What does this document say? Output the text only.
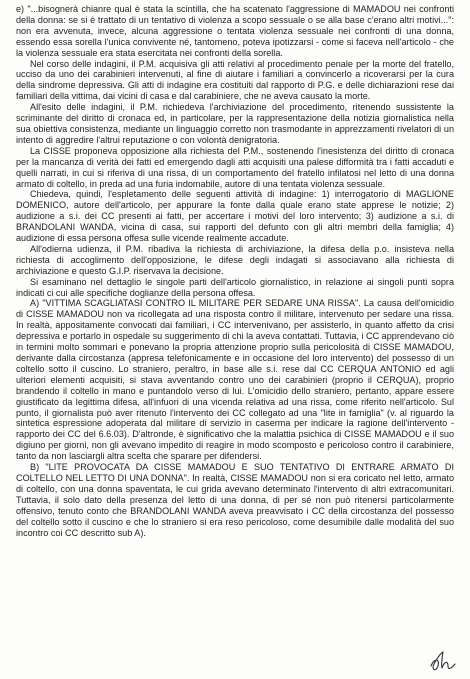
e) "...bisognerà chianre qual è stata la scintilla, che ha scatenato l'aggressione di MAMADOU nei confronti della donna: se si è trattato di un tentativo di violenza a scopo sessuale o se alla base c'erano altri motivi...": non era avvenuta, invece, alcuna aggressione o tentata violenza sessuale nei confronti di una donna, essendo essa sorella l'unica convivente né, tantomeno, poteva ipotizzarsi - come si faceva nell'articolo - che la violenza sessuale era stata esercitata nei confronti della sorella.

Nel corso delle indagini, il P.M. acquisiva gli atti relativi al procedimento penale per la morte del fratello, ucciso da uno dei carabinieri intervenuti, al fine di aiutare i familiari a convincerlo a ricoverarsi per la cura della sindrome depressiva. Gli atti di indagine era costituiti dal rapporto di P.G. e delle dichiarazioni rese dai familiari della vittima, dai vicini di casa e dal carabiniere, che ne aveva causato la morte.

All'esito delle indagini, il P.M. richiedeva l'archiviazione del procedimento, ritenendo sussistente la scriminante del diritto di cronaca ed, in particolare, per la rappresentazione della notizia giornalistica nella sua obiettiva consistenza, mediante un linguaggio corretto non trasmodante in apprezzamenti rivelatori di un intento di aggredire l'altrui reputazione o con volontà denigratoria.

La CISSE proponeva opposizione alla richiesta del P.M., sostenendo l'inesistenza del diritto di cronaca per la mancanza di verità dei fatti ed emergendo dagli atti acquisiti una palese difformità tra i fatti accaduti e quelli narrati, in cui si riferiva di una rissa, di un comportamento del fratello infilatosi nel letto di una donna armato di coltello, in preda ad una furia indomabile, autore di una tentata violenza sessuale.

Chiedeva, quindi, l'espletamento delle seguenti attività di indagine: 1) interrogatorio di MAGLIONE DOMENICO, autore dell'articolo, per appurare la fonte dalla quale erano state apprese le notizie; 2) audizione a s.i. dei CC presenti ai fatti, per accertare i motivi del loro intervento; 3) audizione a s.i. di BRANDOLANI WANDA, vicina di casa, sui rapporti del defunto con gli altri membri della famiglia; 4) audizione di essa persona offesa sulle vicende realmente accadute.

All'odierna udienza, il P.M. ribadiva la richiesta di archiviazione, la difesa della p.o. insisteva nella richiesta di accoglimento dell'opposizione, le difese degli indagati si associavano alla richiesta di archiviazione e questo G.I.P. riservava la decisione.

Si esaminano nel dettaglio le singole parti dell'articolo giornalistico, in relazione ai singoli punti sopra indicati ci cui alle specifiche doglianze della persona offesa.

A) "VITTIMA SCAGLIATASI CONTRO IL MILITARE PER SEDARE UNA RISSA". La causa dell'omicidio di CISSE MAMADOU non va ricollegata ad una risposta contro il militare, intervenuto per sedare una rissa. In realtà, appositamente convocati dai familiari, i CC intervenivano, per assisterlo, in quanto affetto da crisi depressiva e portarlo in ospedale su suggerimento di chi la aveva contattati. Tuttavia, i CC apprendevano ciò in termini molto sommari e ponevano la propria attenzione proprio sulla pericolosità di CISSE MAMADOU, derivante dalla circostanza (appresa telefonicamente e in occasione del loro intervento) del possesso di un coltello sotto il cuscino. Lo straniero, peraltro, in base alle s.i. rese dal CC CERQUA ANTONIO ed agli ulteriori elementi acquisiti, si stava avventando contro uno dei carabinieri (proprio il CERQUA), proprio brandendo il coltello in mano e puntandolo verso di lui. L'omicidio dello straniero, pertanto, appare essere giustificato da legittima difesa, all'infuori di una vicenda relativa ad una rissa, come riferito nell'articolo. Sul punto, il giornalista può aver ritenuto l'intervento dei CC collegato ad una "lite in famiglia" (v. al riguardo la sintetica espressione adoperata dal militare di servizio in caserma per indicare la ragione dell'intervento - rapporto dei CC del 6.6.03). D'altronde, è significativo che la malattia psichica di CISSE MAMADOU e il suo digiuno per giorni, non gli avevano impedito di reagire in modo scomposto e pericoloso contro il carabiniere, tanto da non lasciargli altra scelta che sparare per difendersi.

B) "LITE PROVOCATA DA CISSE MAMADOU E SUO TENTATIVO DI ENTRARE ARMATO DI COLTELLO NEL LETTO DI UNA DONNA". In realtà, CISSE MAMADOU non si era coricato nel letto, armato di coltello, con una donna spaventata, le cui grida avevano determinato l'intervento di altri extracomunitari. Tuttavia, il solo dato della presenza del letto di una donna, di per sé non può ritenersi particolarmente offensivo, tenuto conto che BRANDOLANI WANDA aveva preavvisato i CC della circostanza del possesso del coltello sotto il cuscino e che lo straniero si era reso pericoloso, come desumibile dalle modalità del suo incontro coi CC descritto sub A).
